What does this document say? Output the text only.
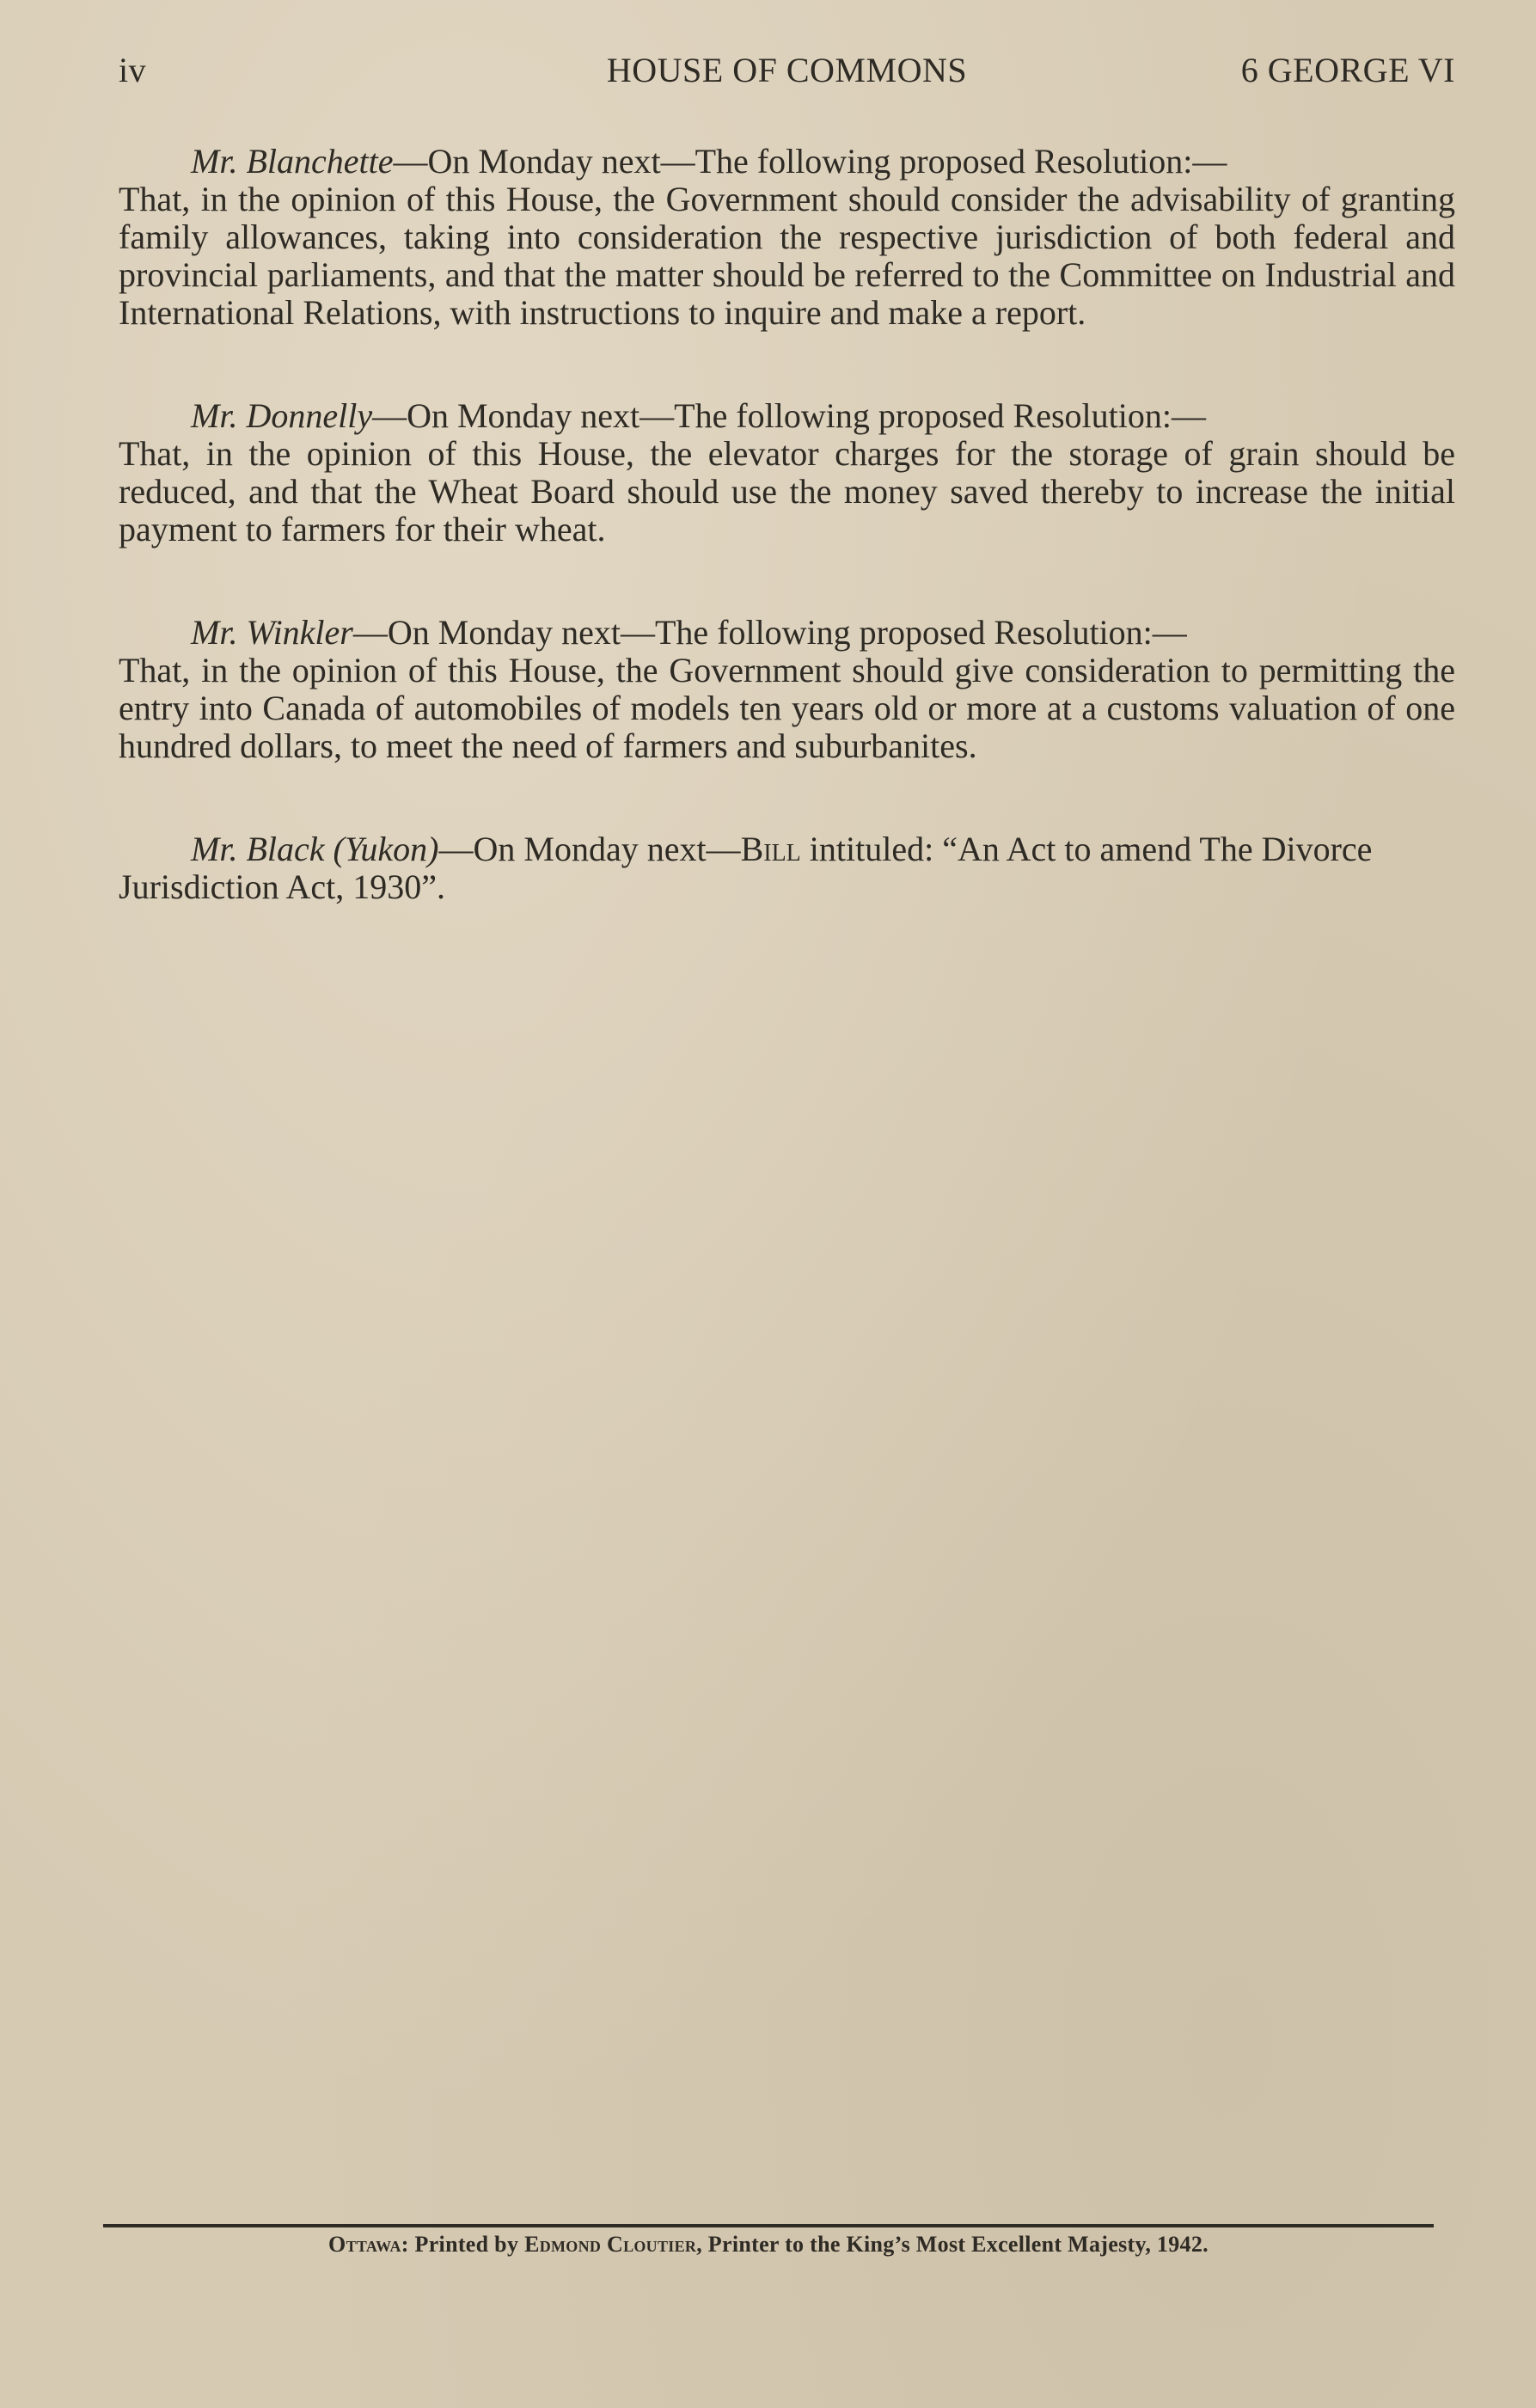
iv	HOUSE OF COMMONS	6 GEORGE VI
Mr. Blanchette—On Monday next—The following proposed Resolution:—
That, in the opinion of this House, the Government should consider the advisability of granting family allowances, taking into consideration the respective jurisdiction of both federal and provincial parliaments, and that the matter should be referred to the Committee on Industrial and International Relations, with instructions to inquire and make a report.
Mr. Donnelly—On Monday next—The following proposed Resolution:—
That, in the opinion of this House, the elevator charges for the storage of grain should be reduced, and that the Wheat Board should use the money saved thereby to increase the initial payment to farmers for their wheat.
Mr. Winkler—On Monday next—The following proposed Resolution:—
That, in the opinion of this House, the Government should give consideration to permitting the entry into Canada of automobiles of models ten years old or more at a customs valuation of one hundred dollars, to meet the need of farmers and suburbanites.
Mr. Black (Yukon)—On Monday next—Bill intituled: “An Act to amend The Divorce Jurisdiction Act, 1930”.
Ottawa: Printed by Edmond Cloutier, Printer to the King’s Most Excellent Majesty, 1942.
